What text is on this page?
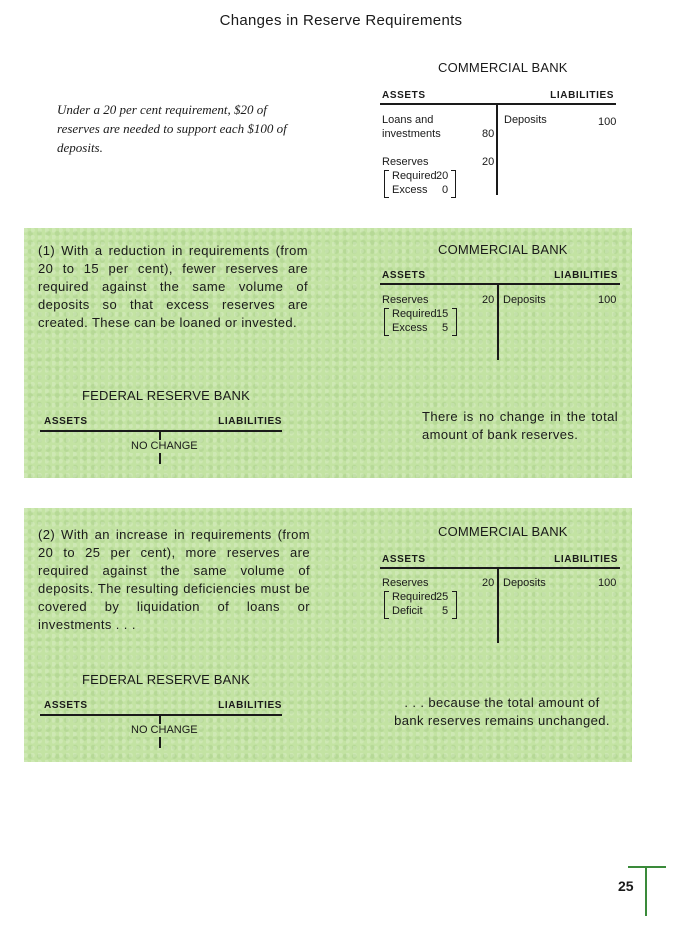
Changes in Reserve Requirements
Under a 20 per cent requirement, $20 of reserves are needed to support each $100 of deposits.
COMMERCIAL BANK
ASSETS	LIABILITIES
Loans and
investments	80
Reserves	20
Required 20
Excess 0
Deposits	100
(1) With a reduction in requirements (from 20 to 15 per cent), fewer reserves are required against the same volume of deposits so that excess reserves are created. These can be loaned or invested.
COMMERCIAL BANK
ASSETS	LIABILITIES
Reserves	20
Required 15
Excess 5
Deposits	100
FEDERAL RESERVE BANK
ASSETS	LIABILITIES
NO CHANGE
There is no change in the total amount of bank reserves.
(2) With an increase in requirements (from 20 to 25 per cent), more reserves are required against the same volume of deposits. The resulting deficiencies must be covered by liquidation of loans or investments . . .
COMMERCIAL BANK
ASSETS	LIABILITIES
Reserves	20
Required 25
Deficit 5
Deposits	100
FEDERAL RESERVE BANK
ASSETS	LIABILITIES
NO CHANGE
. . . because the total amount of bank reserves remains unchanged.
25
